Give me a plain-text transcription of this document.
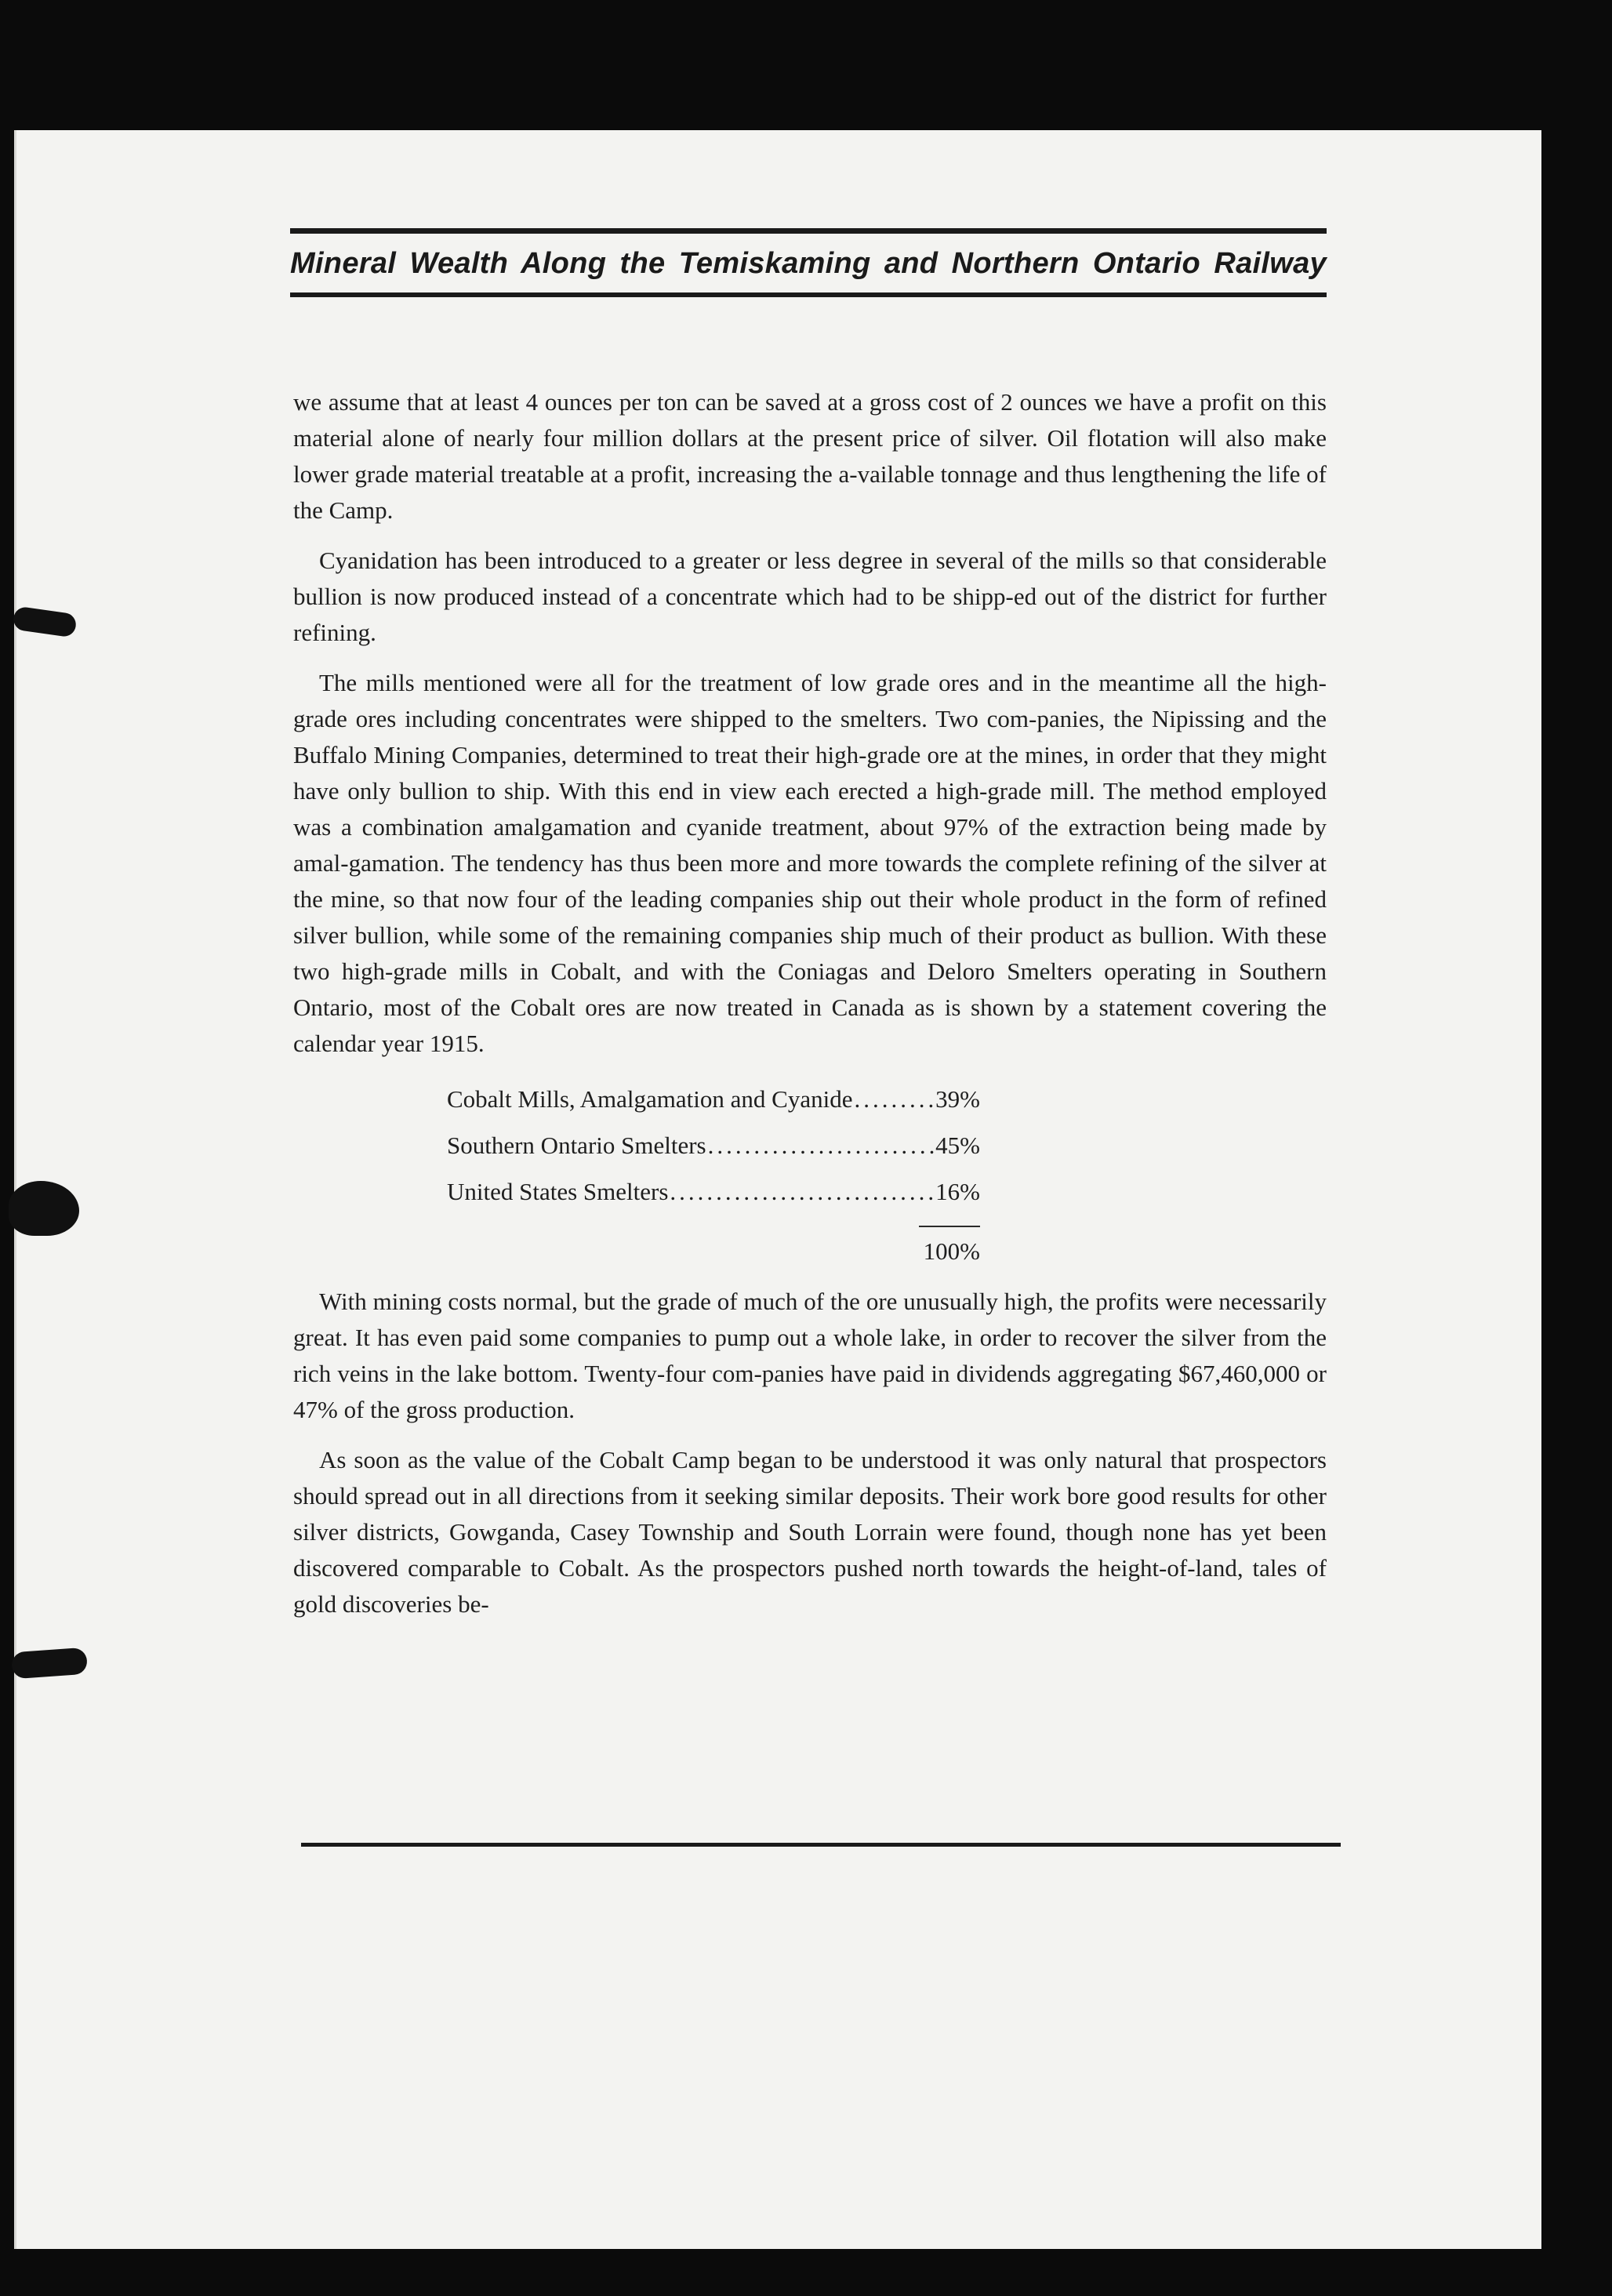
Mineral Wealth Along the Temiskaming and Northern Ontario Railway

we assume that at least 4 ounces per ton can be saved at a gross cost of 2 ounces we have a profit on this material alone of nearly four million dollars at the present price of silver. Oil flotation will also make lower grade material treatable at a profit, increasing the a-vailable tonnage and thus lengthening the life of the Camp.

Cyanidation has been introduced to a greater or less degree in several of the mills so that considerable bullion is now produced instead of a concentrate which had to be shipp-ed out of the district for further refining.

The mills mentioned were all for the treatment of low grade ores and in the meantime all the high-grade ores including concentrates were shipped to the smelters. Two com-panies, the Nipissing and the Buffalo Mining Companies, determined to treat their high-grade ore at the mines, in order that they might have only bullion to ship. With this end in view each erected a high-grade mill. The method employed was a combination amalgamation and cyanide treatment, about 97% of the extraction being made by amal-gamation. The tendency has thus been more and more towards the complete refining of the silver at the mine, so that now four of the leading companies ship out their whole product in the form of refined silver bullion, while some of the remaining companies ship much of their product as bullion. With these two high-grade mills in Cobalt, and with the Coniagas and Deloro Smelters operating in Southern Ontario, most of the Cobalt ores are now treated in Canada as is shown by a statement covering the calendar year 1915.

Cobalt Mills, Amalgamation and Cyanide .....	39%
Southern Ontario Smelters .....	45%
United States Smelters .....	16%
100%

With mining costs normal, but the grade of much of the ore unusually high, the profits were necessarily great. It has even paid some companies to pump out a whole lake, in order to recover the silver from the rich veins in the lake bottom. Twenty-four com-panies have paid in dividends aggregating $67,460,000 or 47% of the gross production.

As soon as the value of the Cobalt Camp began to be understood it was only natural that prospectors should spread out in all directions from it seeking similar deposits. Their work bore good results for other silver districts, Gowganda, Casey Township and South Lorrain were found, though none has yet been discovered comparable to Cobalt. As the prospectors pushed north towards the height-of-land, tales of gold discoveries be-
